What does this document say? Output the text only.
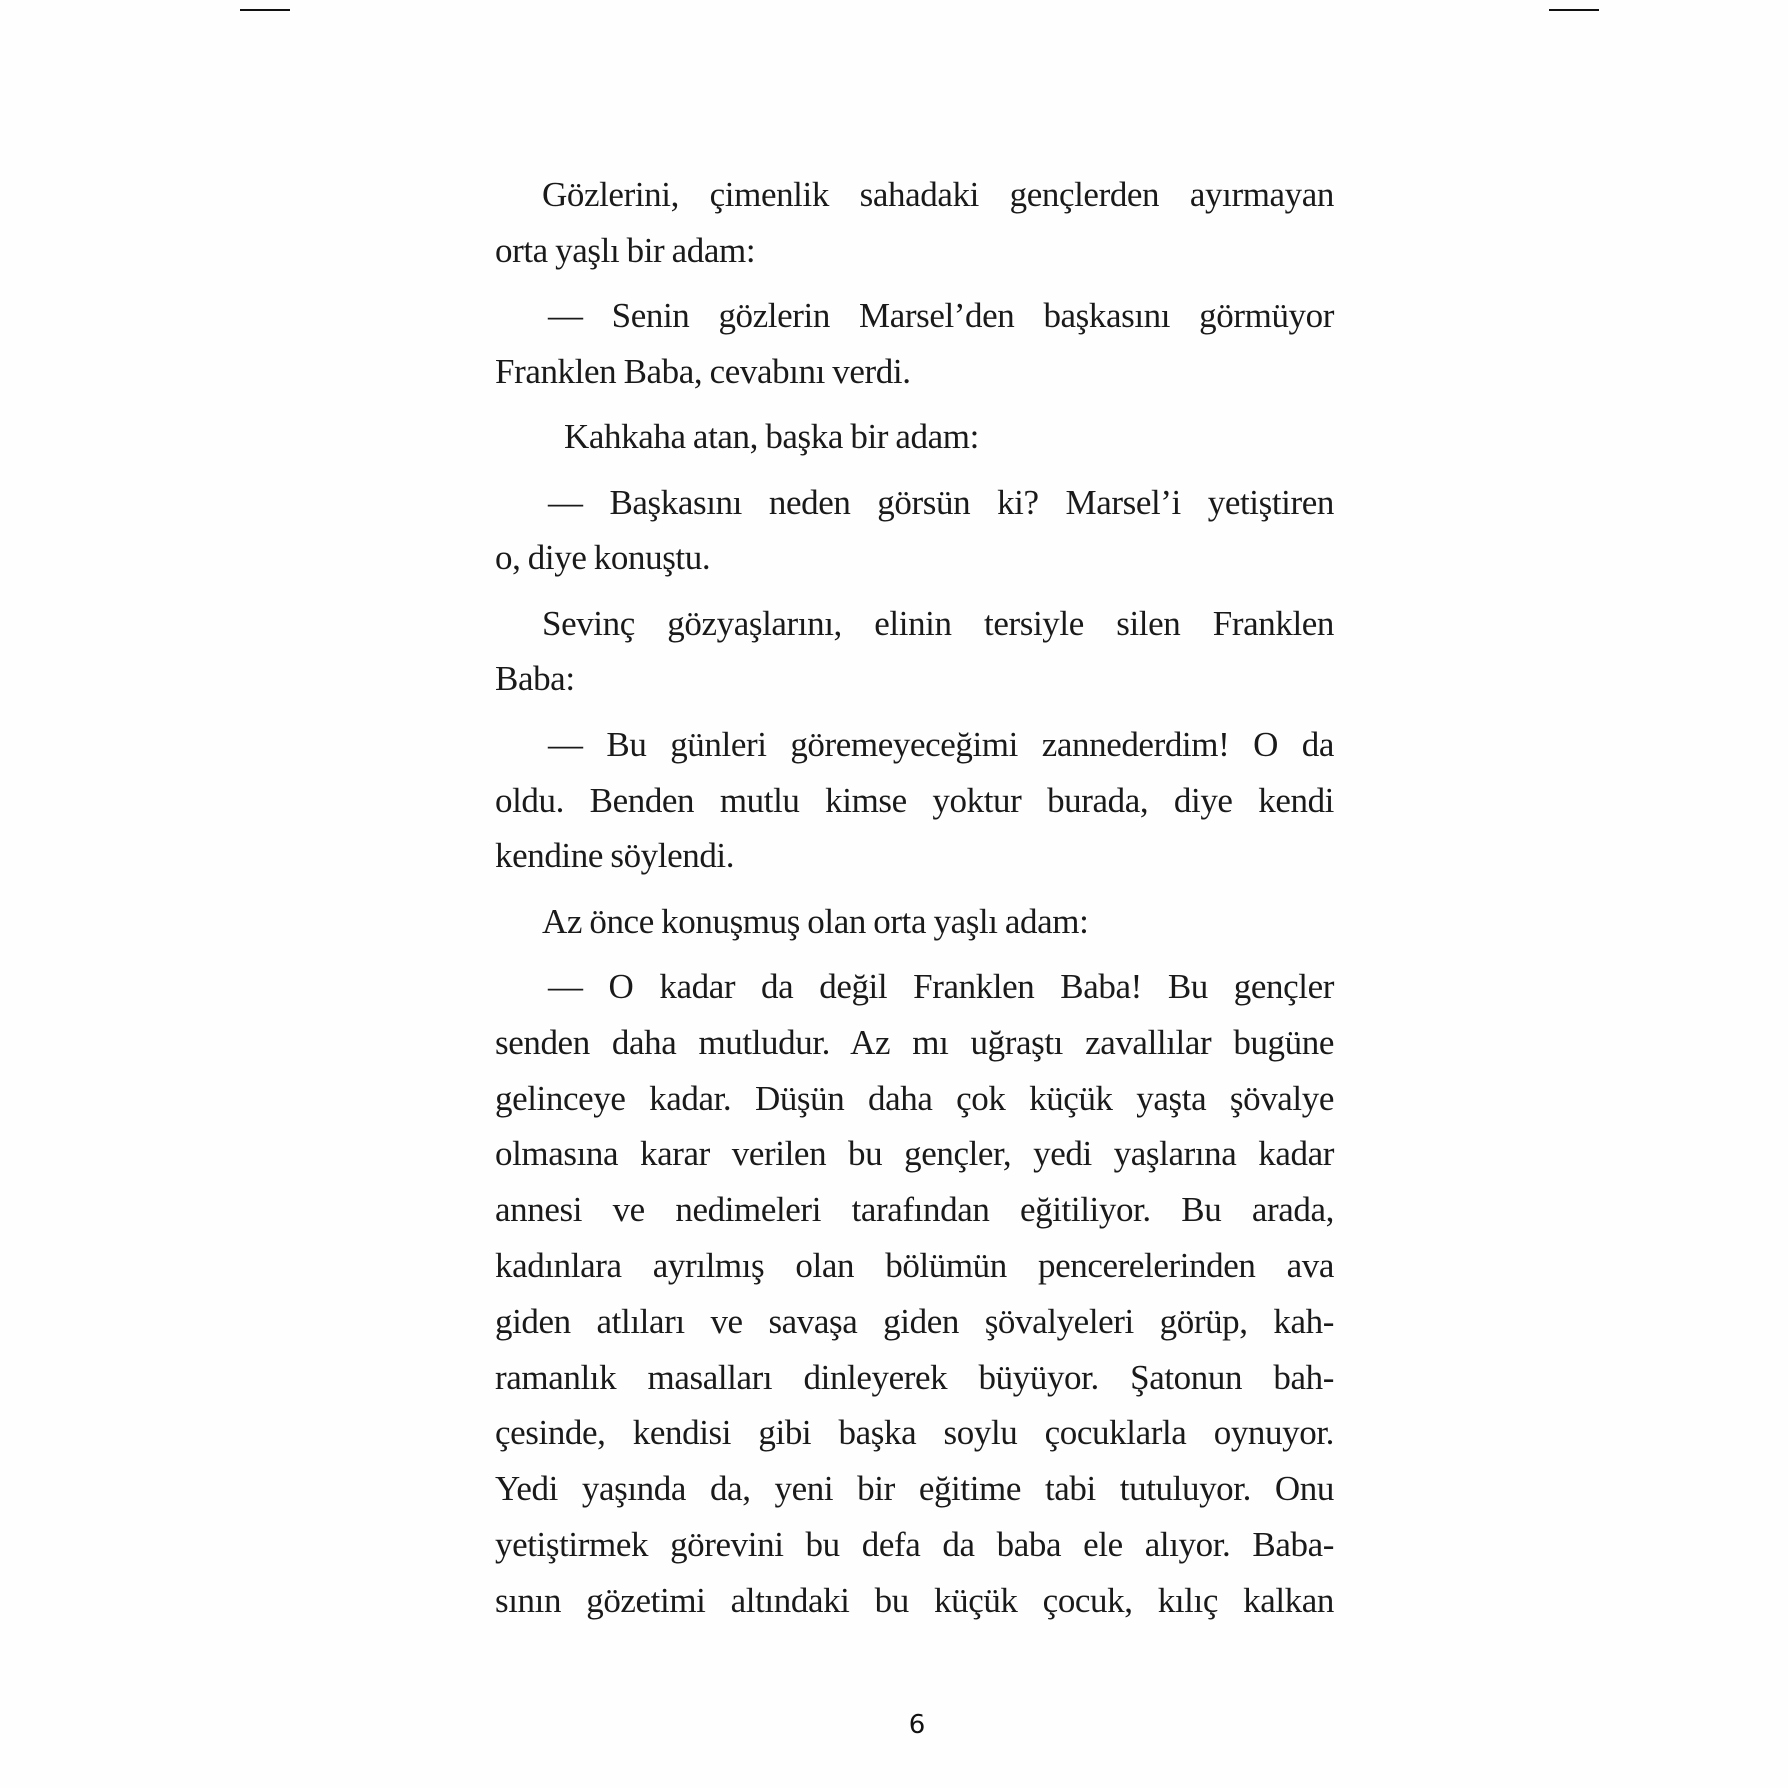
Gözlerini, çimenlik sahadaki gençlerden ayırmayan
orta yaşlı bir adam:
— Senin gözlerin Marsel’den başkasını görmüyor
Franklen Baba, cevabını verdi.
Kahkaha atan, başka bir adam:
— Başkasını neden görsün ki? Marsel’i yetiştiren
o, diye konuştu.
Sevinç gözyaşlarını, elinin tersiyle silen Franklen
Baba:
— Bu günleri göremeyeceğimi zannederdim! O da
oldu. Benden mutlu kimse yoktur burada, diye kendi
kendine söylendi.
Az önce konuşmuş olan orta yaşlı adam:
— O kadar da değil Franklen Baba! Bu gençler
senden daha mutludur. Az mı uğraştı zavallılar bugüne
gelinceye kadar. Düşün daha çok küçük yaşta şövalye
olmasına karar verilen bu gençler, yedi yaşlarına kadar
annesi ve nedimeleri tarafından eğitiliyor. Bu arada,
kadınlara ayrılmış olan bölümün pencerelerinden ava
giden atlıları ve savaşa giden şövalyeleri görüp, kah-
ramanlık masalları dinleyerek büyüyor. Şatonun bah-
çesinde, kendisi gibi başka soylu çocuklarla oynuyor.
Yedi yaşında da, yeni bir eğitime tabi tutuluyor. Onu
yetiştirmek görevini bu defa da baba ele alıyor. Baba-
sının gözetimi altındaki bu küçük çocuk, kılıç kalkan
6
